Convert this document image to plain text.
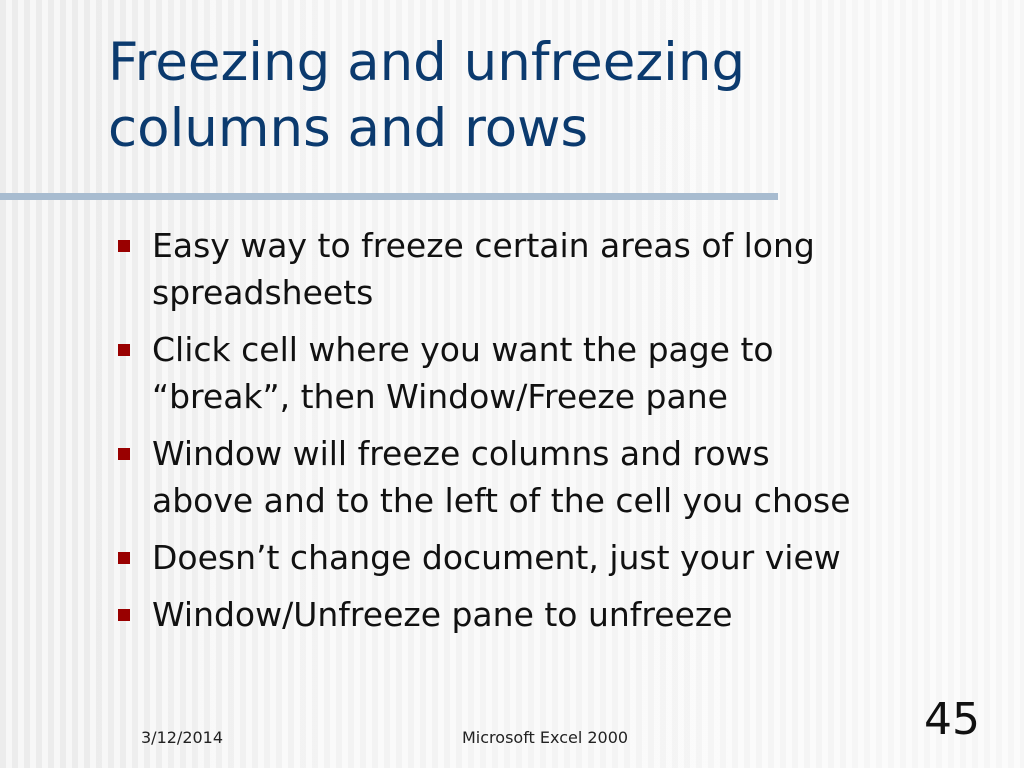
Freezing and unfreezing
columns and rows
Easy way to freeze certain areas of long
spreadsheets
Click cell where you want the page to
“break”, then Window/Freeze pane
Window will freeze columns and rows
above and to the left of the cell you chose
Doesn’t change document, just your view
Window/Unfreeze pane to unfreeze
3/12/2014	Microsoft Excel 2000	45
